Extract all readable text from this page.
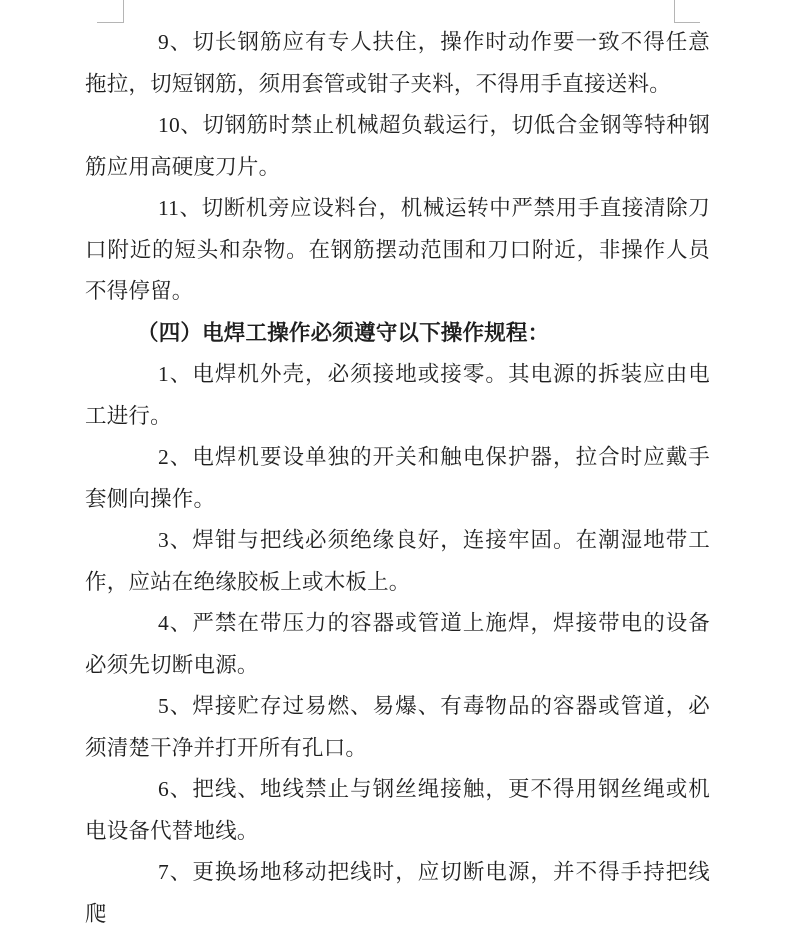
9、切长钢筋应有专人扶住，操作时动作要一致不得任意拖拉，切短钢筋，须用套管或钳子夹料，不得用手直接送料。

10、切钢筋时禁止机械超负载运行，切低合金钢等特种钢筋应用高硬度刀片。

11、切断机旁应设料台，机械运转中严禁用手直接清除刀口附近的短头和杂物。在钢筋摆动范围和刀口附近，非操作人员不得停留。

（四）电焊工操作必须遵守以下操作规程：

1、电焊机外壳，必须接地或接零。其电源的拆装应由电工进行。

2、电焊机要设单独的开关和触电保护器，拉合时应戴手套侧向操作。

3、焊钳与把线必须绝缘良好，连接牢固。在潮湿地带工作，应站在绝缘胶板上或木板上。

4、严禁在带压力的容器或管道上施焊，焊接带电的设备必须先切断电源。

5、焊接贮存过易燃、易爆、有毒物品的容器或管道，必须清楚干净并打开所有孔口。

6、把线、地线禁止与钢丝绳接触，更不得用钢丝绳或机电设备代替地线。

7、更换场地移动把线时，应切断电源，并不得手持把线爬
